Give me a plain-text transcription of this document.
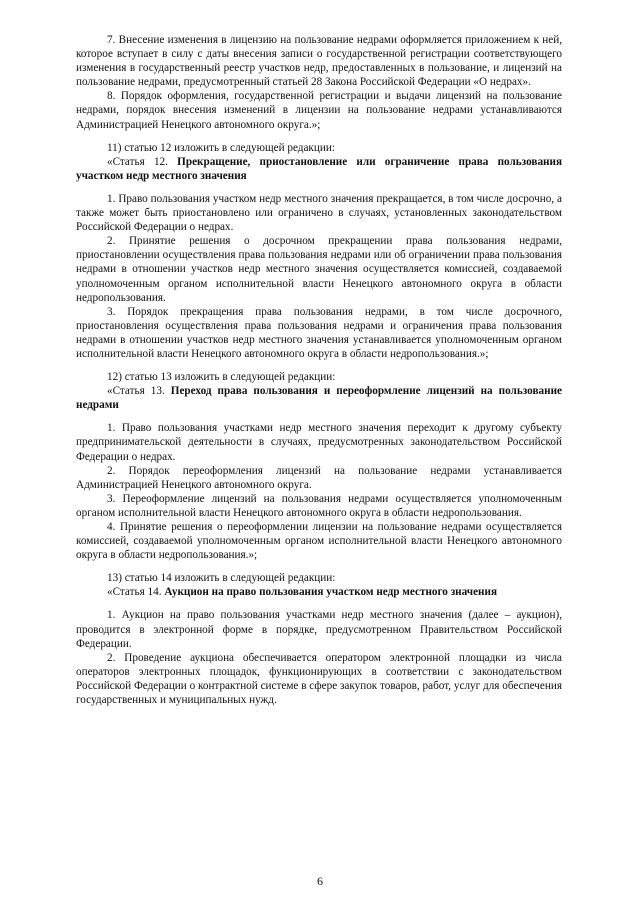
7. Внесение изменения в лицензию на пользование недрами оформляется приложением к ней, которое вступает в силу с даты внесения записи о государственной регистрации соответствующего изменения в государственный реестр участков недр, предоставленных в пользование, и лицензий на пользование недрами, предусмотренный статьей 28 Закона Российской Федерации «О недрах».

8. Порядок оформления, государственной регистрации и выдачи лицензий на пользование недрами, порядок внесения изменений в лицензии на пользование недрами устанавливаются Администрацией Ненецкого автономного округа.»;

11) статью 12 изложить в следующей редакции:

«Статья 12. Прекращение, приостановление или ограничение права пользования участком недр местного значения

1. Право пользования участком недр местного значения прекращается, в том числе досрочно, а также может быть приостановлено или ограничено в случаях, установленных законодательством Российской Федерации о недрах.

2. Принятие решения о досрочном прекращении права пользования недрами, приостановлении осуществления права пользования недрами или об ограничении права пользования недрами в отношении участков недр местного значения осуществляется комиссией, создаваемой уполномоченным органом исполнительной власти Ненецкого автономного округа в области недропользования.

3. Порядок прекращения права пользования недрами, в том числе досрочного, приостановления осуществления права пользования недрами и ограничения права пользования недрами в отношении участков недр местного значения устанавливается уполномоченным органом исполнительной власти Ненецкого автономного округа в области недропользования.»;

12) статью 13 изложить в следующей редакции:

«Статья 13. Переход права пользования и переоформление лицензий на пользование недрами

1. Право пользования участками недр местного значения переходит к другому субъекту предпринимательской деятельности в случаях, предусмотренных законодательством Российской Федерации о недрах.

2. Порядок переоформления лицензий на пользование недрами устанавливается Администрацией Ненецкого автономного округа.

3. Переоформление лицензий на пользования недрами осуществляется уполномоченным органом исполнительной власти Ненецкого автономного округа в области недропользования.

4. Принятие решения о переоформлении лицензии на пользование недрами осуществляется комиссией, создаваемой уполномоченным органом исполнительной власти Ненецкого автономного округа в области недропользования.»;

13) статью 14 изложить в следующей редакции:

«Статья 14. Аукцион на право пользования участком недр местного значения

1. Аукцион на право пользования участками недр местного значения (далее – аукцион), проводится в электронной форме в порядке, предусмотренном Правительством Российской Федерации.

2. Проведение аукциона обеспечивается оператором электронной площадки из числа операторов электронных площадок, функционирующих в соответствии с законодательством Российской Федерации о контрактной системе в сфере закупок товаров, работ, услуг для обеспечения государственных и муниципальных нужд.

6
